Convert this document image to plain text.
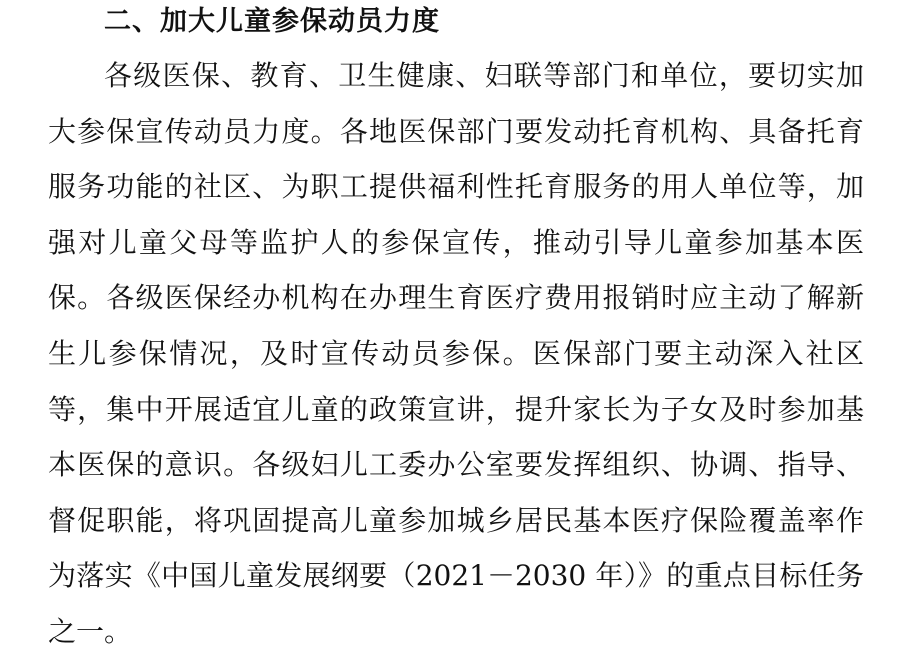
二、加大儿童参保动员力度
各级医保、教育、卫生健康、妇联等部门和单位，要切实加
大参保宣传动员力度。各地医保部门要发动托育机构、具备托育
服务功能的社区、为职工提供福利性托育服务的用人单位等，加
强对儿童父母等监护人的参保宣传，推动引导儿童参加基本医
保。各级医保经办机构在办理生育医疗费用报销时应主动了解新
生儿参保情况，及时宣传动员参保。医保部门要主动深入社区
等，集中开展适宜儿童的政策宣讲，提升家长为子女及时参加基
本医保的意识。各级妇儿工委办公室要发挥组织、协调、指导、
督促职能，将巩固提高儿童参加城乡居民基本医疗保险覆盖率作
为落实《中国儿童发展纲要（2021－2030 年）》的重点目标任务
之一。
